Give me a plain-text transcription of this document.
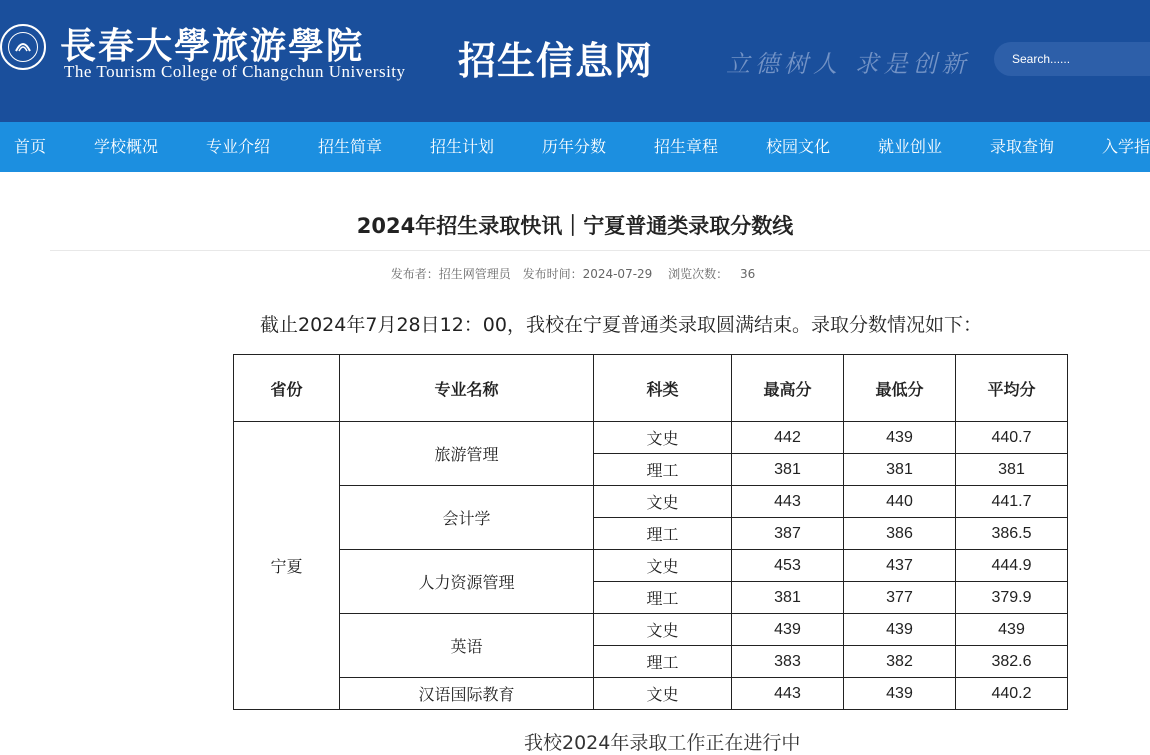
長春大學旅游學院
The Tourism College of Changchun University 招生信息网	立德树人 求是创新
Search......
首页	学校概况	专业介绍	招生简章	招生计划	历年分数	招生章程	校园文化	就业创业	录取查询	入学指
2024年招生录取快讯｜宁夏普通类录取分数线
发布者：招生网管理员 发布时间：2024-07-29 浏览次数： 36
截止2024年7月28日12：00，我校在宁夏普通类录取圆满结束。录取分数情况如下：
省份	专业名称	科类	最高分	最低分	平均分
宁夏	旅游管理	文史	442	439	440.7
		理工	381	381	381
	会计学	文史	443	440	441.7
		理工	387	386	386.5
	人力资源管理	文史	453	437	444.9
		理工	381	377	379.9
	英语	文史	439	439	439
		理工	383	382	382.6
	汉语国际教育	文史	443	439	440.2
我校2024年录取工作正在进行中
